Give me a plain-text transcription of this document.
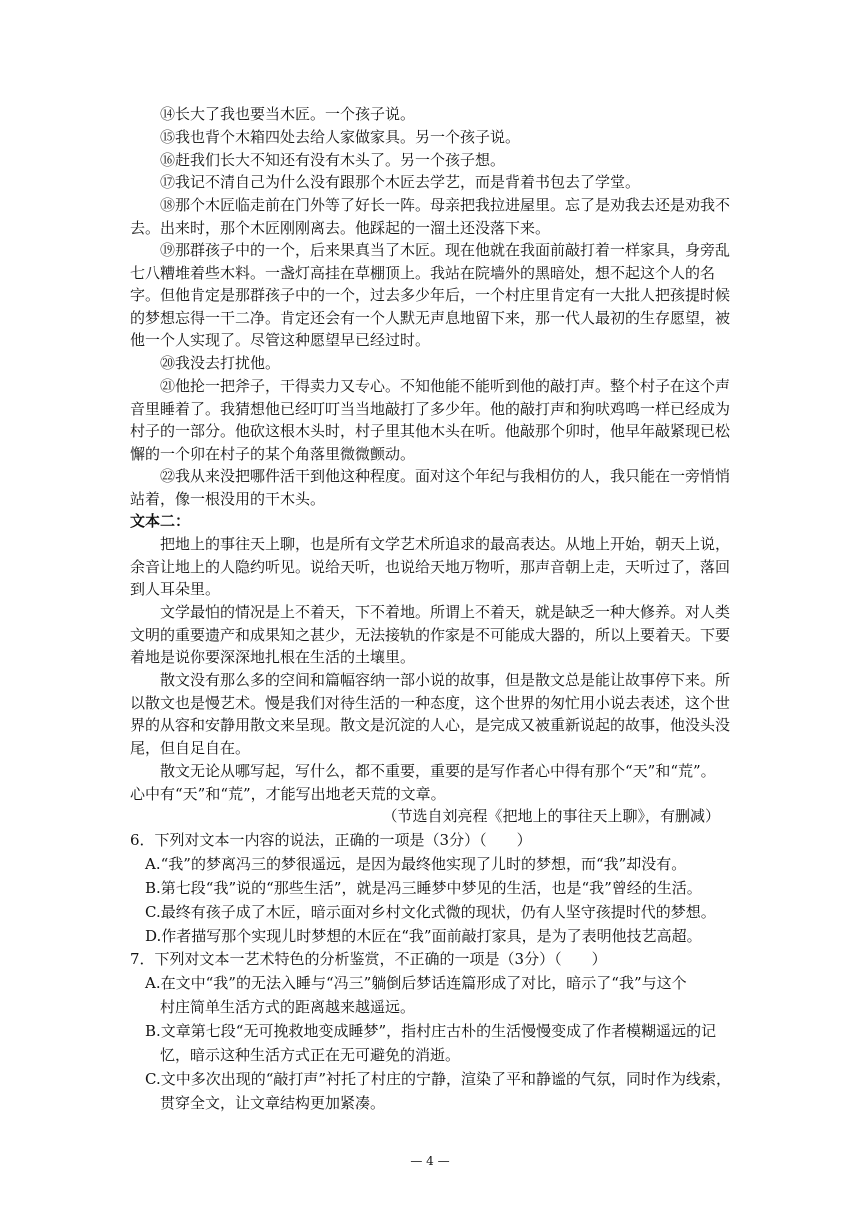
⑭长大了我也要当木匠。一个孩子说。
⑮我也背个木箱四处去给人家做家具。另一个孩子说。
⑯赶我们长大不知还有没有木头了。另一个孩子想。
⑰我记不清自己为什么没有跟那个木匠去学艺，而是背着书包去了学堂。
⑱那个木匠临走前在门外等了好长一阵。母亲把我拉进屋里。忘了是劝我去还是劝我不去。出来时，那个木匠刚刚离去。他踩起的一溜土还没落下来。
⑲那群孩子中的一个，后来果真当了木匠。现在他就在我面前敲打着一样家具，身旁乱七八糟堆着些木料。一盏灯高挂在草棚顶上。我站在院墙外的黑暗处，想不起这个人的名字。但他肯定是那群孩子中的一个，过去多少年后，一个村庄里肯定有一大批人把孩提时候的梦想忘得一干二净。肯定还会有一个人默无声息地留下来，那一代人最初的生存愿望，被他一个人实现了。尽管这种愿望早已经过时。
⑳我没去打扰他。
㉑他抡一把斧子，干得卖力又专心。不知他能不能听到他的敲打声。整个村子在这个声音里睡着了。我猜想他已经叮叮当当地敲打了多少年。他的敲打声和狗吠鸡鸣一样已经成为村子的一部分。他砍这根木头时，村子里其他木头在听。他敲那个卯时，他早年敲紧现已松懈的一个卯在村子的某个角落里微微颤动。
㉒我从来没把哪件活干到他这种程度。面对这个年纪与我相仿的人，我只能在一旁悄悄站着，像一根没用的干木头。
文本二：
把地上的事往天上聊，也是所有文学艺术所追求的最高表达。从地上开始，朝天上说，余音让地上的人隐约听见。说给天听，也说给天地万物听，那声音朝上走，天听过了，落回到人耳朵里。
文学最怕的情况是上不着天，下不着地。所谓上不着天，就是缺乏一种大修养。对人类文明的重要遗产和成果知之甚少，无法接轨的作家是不可能成大器的，所以上要着天。下要着地是说你要深深地扎根在生活的土壤里。
散文没有那么多的空间和篇幅容纳一部小说的故事，但是散文总是能让故事停下来。所以散文也是慢艺术。慢是我们对待生活的一种态度，这个世界的匆忙用小说去表述，这个世界的从容和安静用散文来呈现。散文是沉淀的人心，是完成又被重新说起的故事，他没头没尾，但自足自在。
散文无论从哪写起，写什么，都不重要，重要的是写作者心中得有那个“天”和“荒”。心中有“天”和“荒”，才能写出地老天荒的文章。
（节选自刘亮程《把地上的事往天上聊》，有删减）
6．下列对文本一内容的说法，正确的一项是（3分）（　　）
A.“我”的梦离冯三的梦很遥远，是因为最终他实现了儿时的梦想，而“我”却没有。
B.第七段“我”说的“那些生活”，就是冯三睡梦中梦见的生活，也是“我”曾经的生活。
C.最终有孩子成了木匠，暗示面对乡村文化式微的现状，仍有人坚守孩提时代的梦想。
D.作者描写那个实现儿时梦想的木匠在“我”面前敲打家具，是为了表明他技艺高超。
7．下列对文本一艺术特色的分析鉴赏，不正确的一项是（3分）（　　）
A.在文中“我”的无法入睡与“冯三”躺倒后梦话连篇形成了对比，暗示了“我”与这个
村庄简单生活方式的距离越来越遥远。
B.文章第七段“无可挽救地变成睡梦”，指村庄古朴的生活慢慢变成了作者模糊遥远的记
忆，暗示这种生活方式正在无可避免的消逝。
C.文中多次出现的“敲打声”衬托了村庄的宁静，渲染了平和静谧的气氛，同时作为线索，
贯穿全文，让文章结构更加紧凑。
— 4 —
